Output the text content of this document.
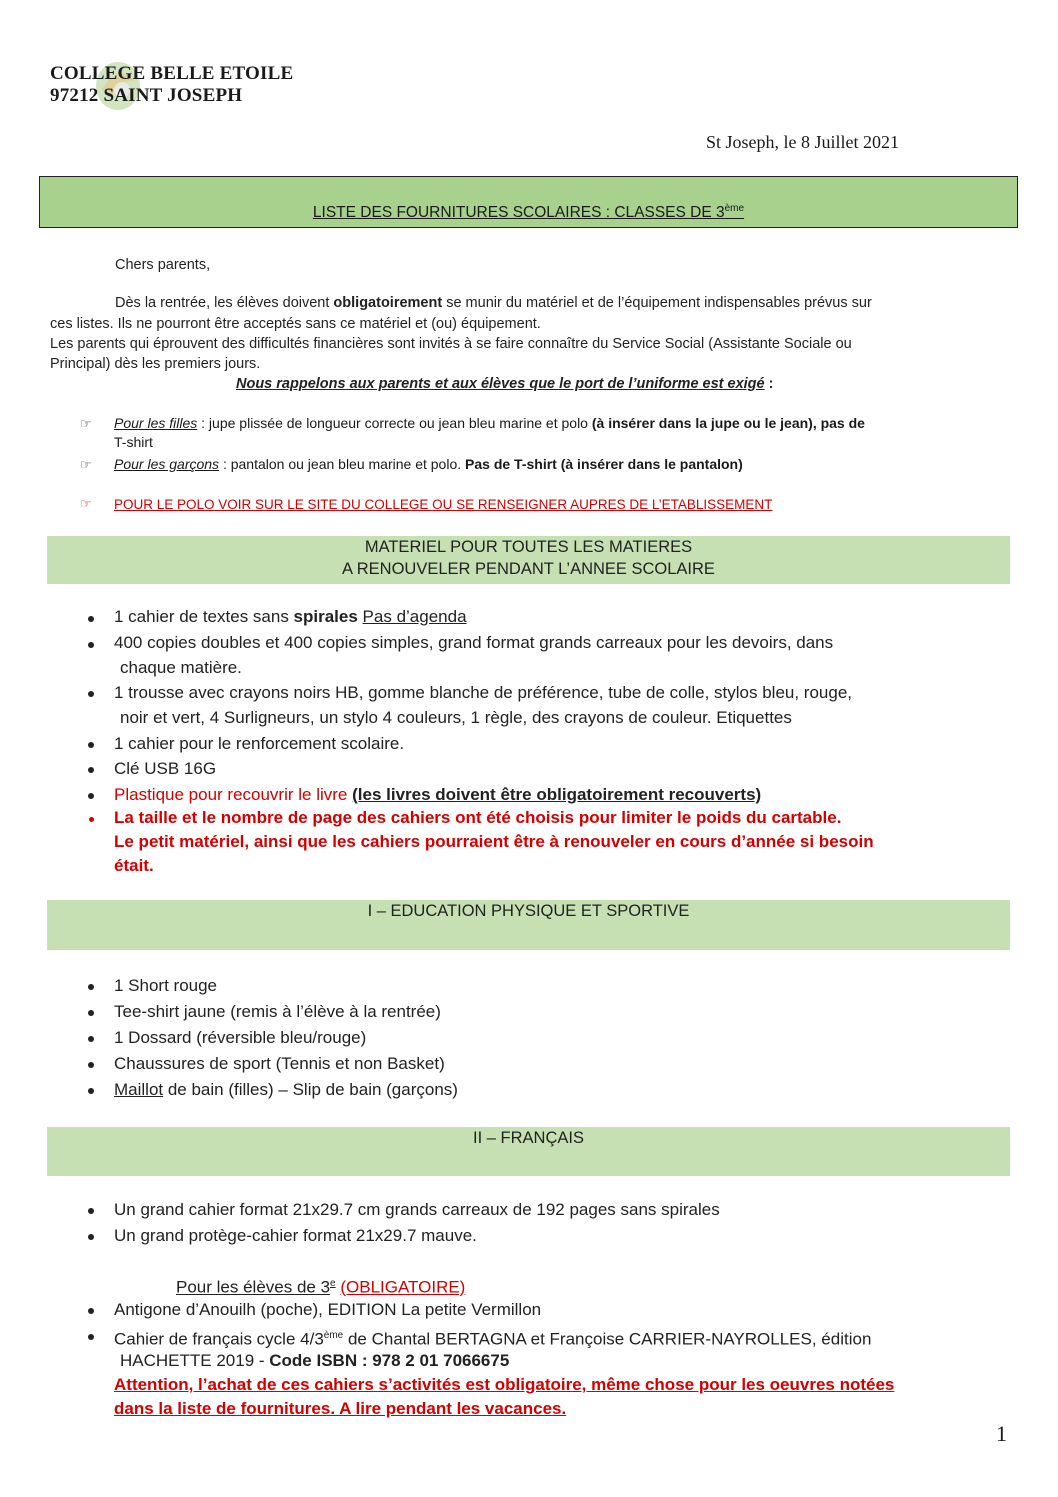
COLLEGE BELLE ETOILE
97212 SAINT JOSEPH
St Joseph, le 8 Juillet 2021
LISTE DES FOURNITURES SCOLAIRES : CLASSES DE 3ème
Chers parents,
Dès la rentrée, les élèves doivent obligatoirement se munir du matériel et de l’équipement indispensables prévus sur
ces listes. Ils ne pourront être acceptés sans ce matériel et (ou) équipement.
Les parents qui éprouvent des difficultés financières sont invités à se faire connaître du Service Social (Assistante Sociale ou
Principal) dès les premiers jours.
Nous rappelons aux parents et aux élèves que le port de l’uniforme est exigé :
☞ Pour les filles : jupe plissée de longueur correcte ou jean bleu marine et polo (à insérer dans la jupe ou le jean), pas de
T-shirt
☞ Pour les garçons : pantalon ou jean bleu marine et polo. Pas de T-shirt (à insérer dans le pantalon)
☞ POUR LE POLO VOIR SUR LE SITE DU COLLEGE OU SE RENSEIGNER AUPRES DE L’ETABLISSEMENT
MATERIEL POUR TOUTES LES MATIERES
A RENOUVELER PENDANT L’ANNEE SCOLAIRE
1 cahier de textes sans spirales Pas d’agenda
400 copies doubles et 400 copies simples, grand format grands carreaux pour les devoirs, dans
chaque matière.
1 trousse avec crayons noirs HB, gomme blanche de préférence, tube de colle, stylos bleu, rouge,
noir et vert, 4 Surligneurs, un stylo 4 couleurs, 1 règle, des crayons de couleur. Etiquettes
1 cahier pour le renforcement scolaire.
Clé USB 16G
Plastique pour recouvrir le livre (les livres doivent être obligatoirement recouverts)
La taille et le nombre de page des cahiers ont été choisis pour limiter le poids du cartable.
Le petit matériel, ainsi que les cahiers pourraient être à renouveler en cours d’année si besoin
était.
I – EDUCATION PHYSIQUE ET SPORTIVE
1 Short rouge
Tee-shirt jaune (remis à l’élève à la rentrée)
1 Dossard (réversible bleu/rouge)
Chaussures de sport (Tennis et non Basket)
Maillot de bain (filles) – Slip de bain (garçons)
II – FRANÇAIS
Un grand cahier format 21x29.7 cm grands carreaux de 192 pages sans spirales
Un grand protège-cahier format 21x29.7 mauve.
Pour les élèves de 3e (OBLIGATOIRE)
Antigone d’Anouilh (poche), EDITION La petite Vermillon
Cahier de français cycle 4/3ème de Chantal BERTAGNA et Françoise CARRIER-NAYROLLES, édition
HACHETTE 2019 - Code ISBN : 978 2 01 7066675
Attention, l’achat de ces cahiers s’activités est obligatoire, même chose pour les oeuvres notées
dans la liste de fournitures. A lire pendant les vacances.
1
